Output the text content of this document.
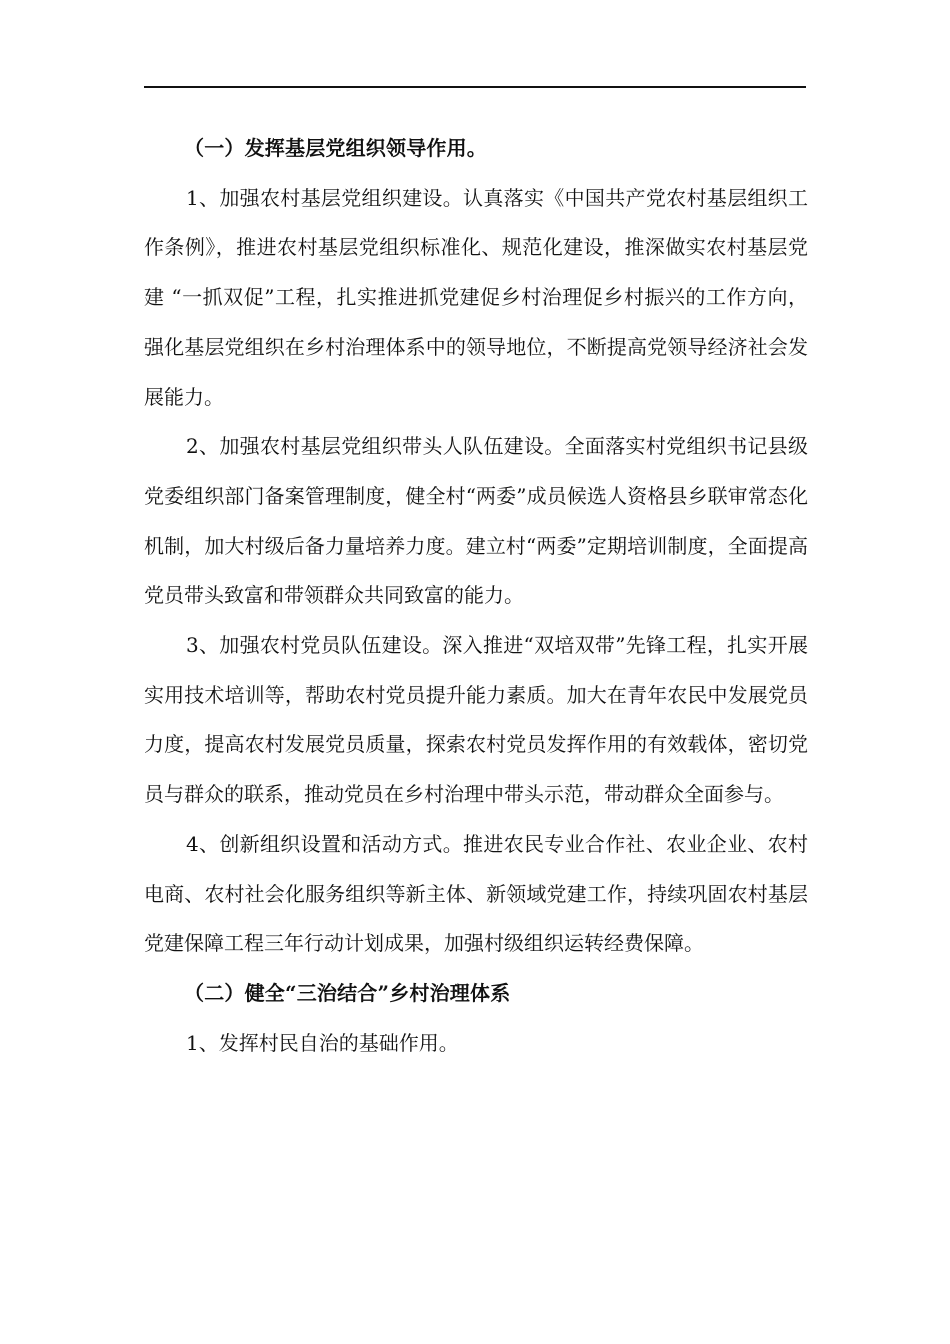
（一）发挥基层党组织领导作用。

1、加强农村基层党组织建设。认真落实《中国共产党农村基层组织工作条例》，推进农村基层党组织标准化、规范化建设，推深做实农村基层党建 “一抓双促”工程，扎实推进抓党建促乡村治理促乡村振兴的工作方向，强化基层党组织在乡村治理体系中的领导地位，不断提高党领导经济社会发展能力。

2、加强农村基层党组织带头人队伍建设。全面落实村党组织书记县级党委组织部门备案管理制度，健全村“两委”成员候选人资格县乡联审常态化机制，加大村级后备力量培养力度。建立村“两委”定期培训制度，全面提高党员带头致富和带领群众共同致富的能力。

3、加强农村党员队伍建设。深入推进“双培双带”先锋工程，扎实开展实用技术培训等，帮助农村党员提升能力素质。加大在青年农民中发展党员力度，提高农村发展党员质量，探索农村党员发挥作用的有效载体，密切党员与群众的联系，推动党员在乡村治理中带头示范，带动群众全面参与。

4、创新组织设置和活动方式。推进农民专业合作社、农业企业、农村电商、农村社会化服务组织等新主体、新领域党建工作，持续巩固农村基层党建保障工程三年行动计划成果，加强村级组织运转经费保障。

（二）健全“三治结合”乡村治理体系

1、发挥村民自治的基础作用。
